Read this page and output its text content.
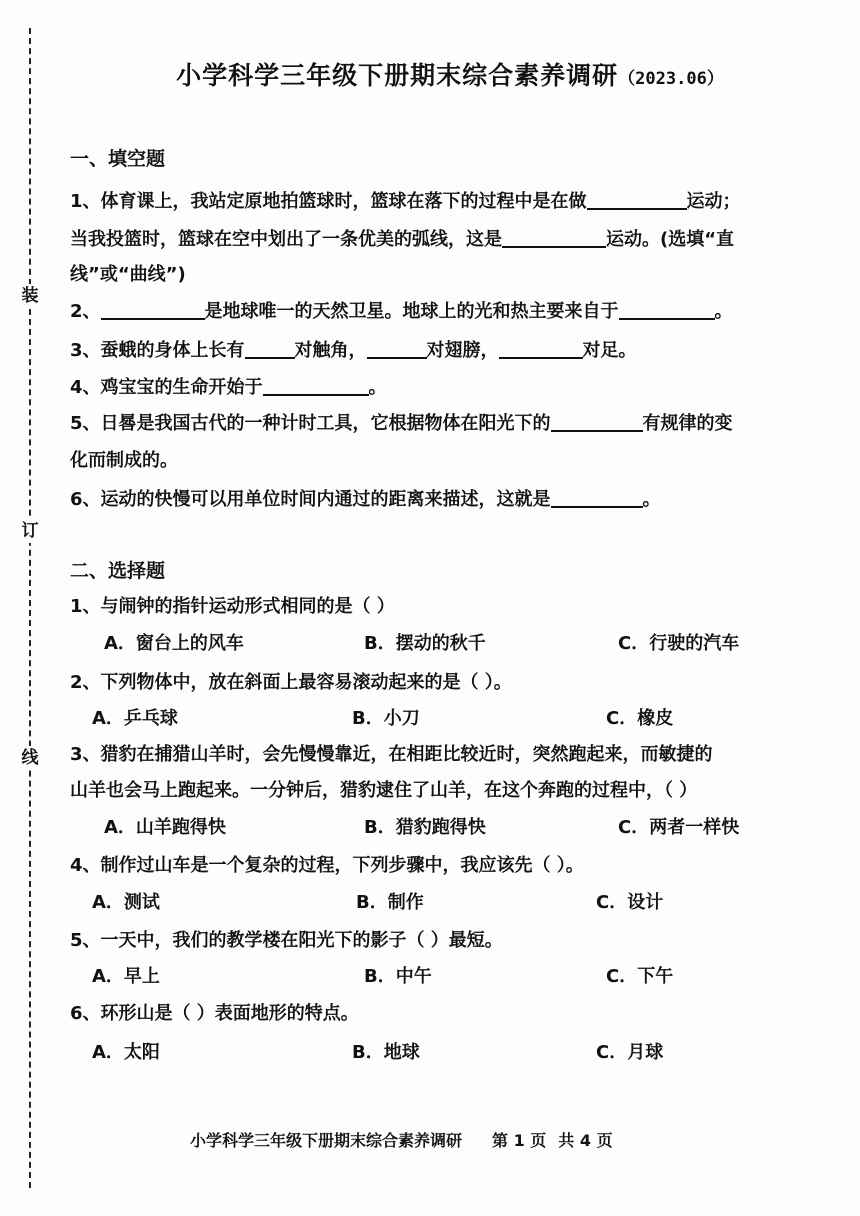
装
订
线
小学科学三年级下册期末综合素养调研（2023.06）
一、填空题
1、体育课上，我站定原地拍篮球时，篮球在落下的过程中是在做	运动；
当我投篮时，篮球在空中划出了一条优美的弧线，这是	运动。(选填“直
线”或“曲线”)
2、	是地球唯一的天然卫星。地球上的光和热主要来自于	。
3、蚕蛾的身体上长有	对触角，	对翅膀，	对足。
4、鸡宝宝的生命开始于	。
5、日晷是我国古代的一种计时工具，它根据物体在阳光下的	有规律的变
化而制成的。
6、运动的快慢可以用单位时间内通过的距离来描述，这就是	。
二、选择题
1、与闹钟的指针运动形式相同的是（ ）
A．窗台上的风车	B．摆动的秋千	C．行驶的汽车
2、下列物体中，放在斜面上最容易滚动起来的是（ ）。
A．乒乓球	B．小刀	C．橡皮
3、猎豹在捕猎山羊时，会先慢慢靠近，在相距比较近时，突然跑起来，而敏捷的
山羊也会马上跑起来。一分钟后，猎豹逮住了山羊，在这个奔跑的过程中，（ ）
A．山羊跑得快	B．猎豹跑得快	C．两者一样快
4、制作过山车是一个复杂的过程，下列步骤中，我应该先（ ）。
A．测试	B．制作	C．设计
5、一天中，我们的教学楼在阳光下的影子（ ）最短。
A．早上	B．中午	C．下午
6、环形山是（ ）表面地形的特点。
A．太阳	B．地球	C．月球
小学科学三年级下册期末综合素养调研 第 1 页 共 4 页
